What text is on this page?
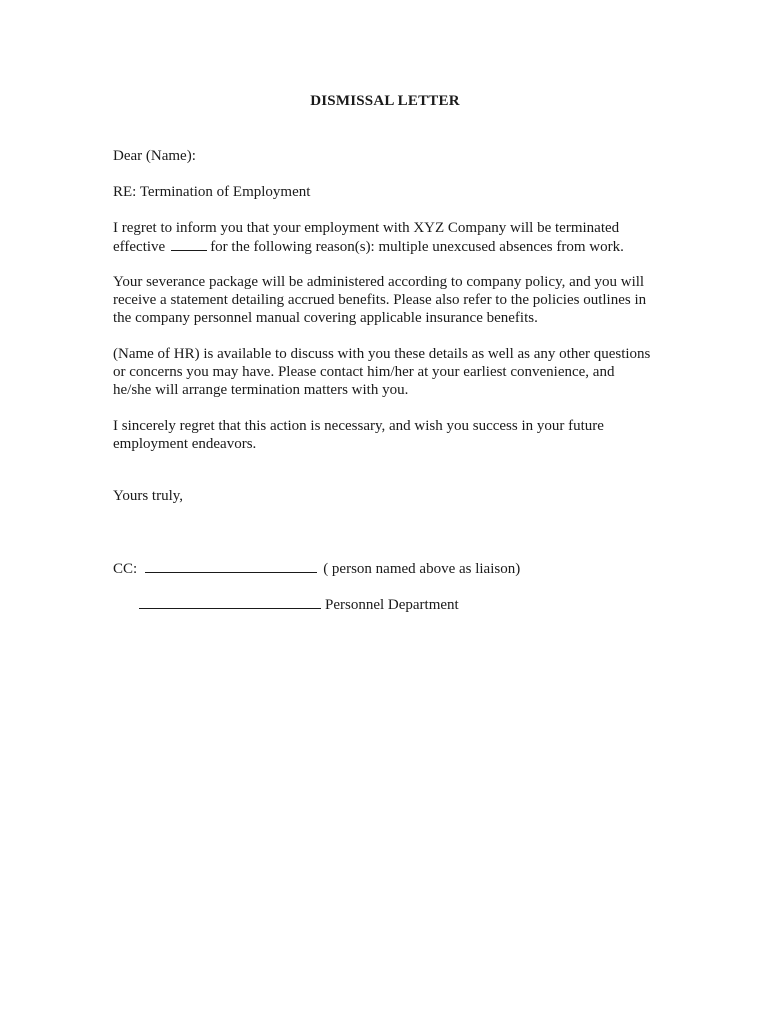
DISMISSAL LETTER
Dear (Name):
RE: Termination of Employment
I regret to inform you that your employment with XYZ Company will be terminated
effective	for the following reason(s): multiple unexcused absences from work.
Your severance package will be administered according to company policy, and you will
receive a statement detailing accrued benefits. Please also refer to the policies outlines in
the company personnel manual covering applicable insurance benefits.
(Name of HR) is available to discuss with you these details as well as any other questions
or concerns you may have. Please contact him/her at your earliest convenience, and
he/she will arrange termination matters with you.
I sincerely regret that this action is necessary, and wish you success in your future
employment endeavors.
Yours truly,
CC:	( person named above as liaison)
Personnel Department
